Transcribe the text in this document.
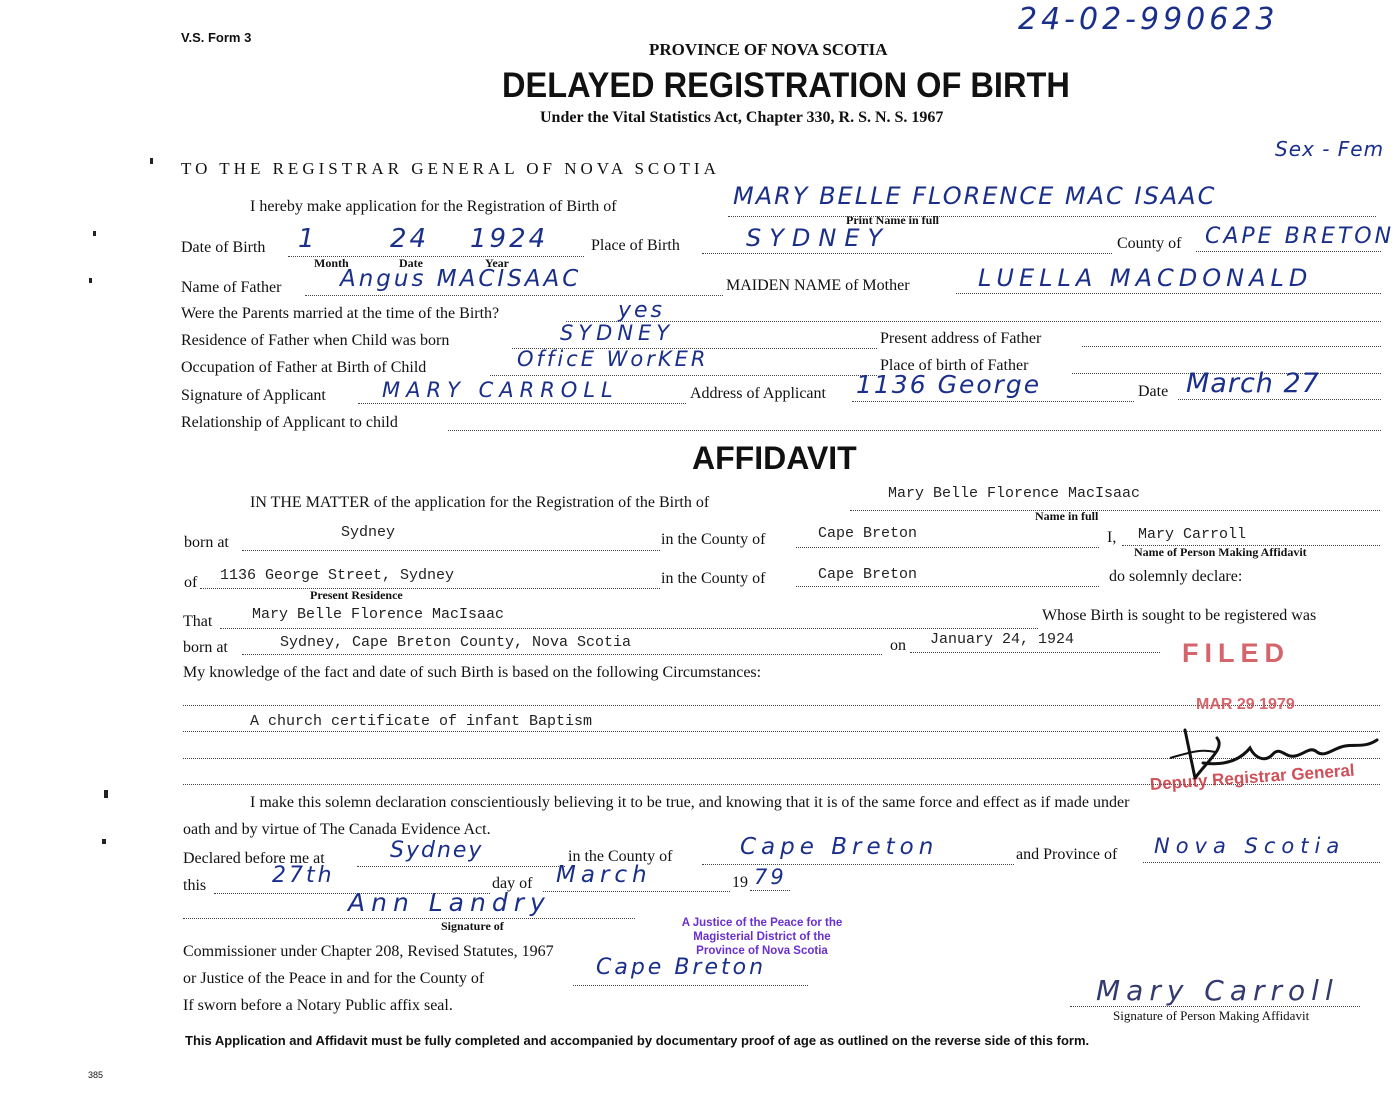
V.S. Form 3
24-02-990623
PROVINCE OF NOVA SCOTIA
DELAYED REGISTRATION OF BIRTH
Under the Vital Statistics Act, Chapter 330, R. S. N. S. 1967
Sex - Fem
TO THE REGISTRAR GENERAL OF NOVA SCOTIA
I hereby make application for the Registration of Birth of	MARY BELLE FLORENCE MAC ISAAC
Print Name in full
Date of Birth 1	24 1924
Month	Date	Year
Place of Birth	SYDNEY	County of CAPE BRETON
Name of Father	Angus MACISAAC	MAIDEN NAME of Mother	LUELLA MACDONALD
Were the Parents married at the time of the Birth?	yes
Residence of Father when Child was born	SYDNEY	Present address of Father
Occupation of Father at Birth of Child	OfficE WorKER	Place of birth of Father
Signature of Applicant	MARY CARROLL	Address of Applicant 1136 George	Date March 27
Relationship of Applicant to child
AFFIDAVIT
IN THE MATTER of the application for the Registration of the Birth of
Mary Belle Florence MacIsaac
Name in full
born at
Sydney	in the County of	Cape Breton	I, Mary Carroll
Name of Person Making Affidavit
of 1136 George Street, Sydney
Present Residence
in the County of	Cape Breton	do solemnly declare:
That	Mary Belle Florence MacIsaac	Whose Birth is sought to be registered was
born at	Sydney, Cape Breton County, Nova Scotia	on January 24, 1924
My knowledge of the fact and date of such Birth is based on the following Circumstances:
A church certificate of infant Baptism
I make this solemn declaration conscientiously believing it to be true, and knowing that it is of the same force and effect as if made under
oath and by virtue of The Canada Evidence Act.
Declared before me at	Sydney	in the County of	Cape Breton	and Province of Nova Scotia
this	27th	day of March	19 79
Ann Landry
Signature of
Commissioner under Chapter 208, Revised Statutes, 1967
or Justice of the Peace in and for the County of	Cape Breton
If sworn before a Notary Public affix seal.	Mary Carroll
Signature of Person Making Affidavit
This Application and Affidavit must be fully completed and accompanied by documentary proof of age as outlined on the reverse side of this form.
385
FILED
MAR 29 1979
Deputy Registrar General
A Justice of the Peace for the
Magisterial District of the
Province of Nova Scotia
